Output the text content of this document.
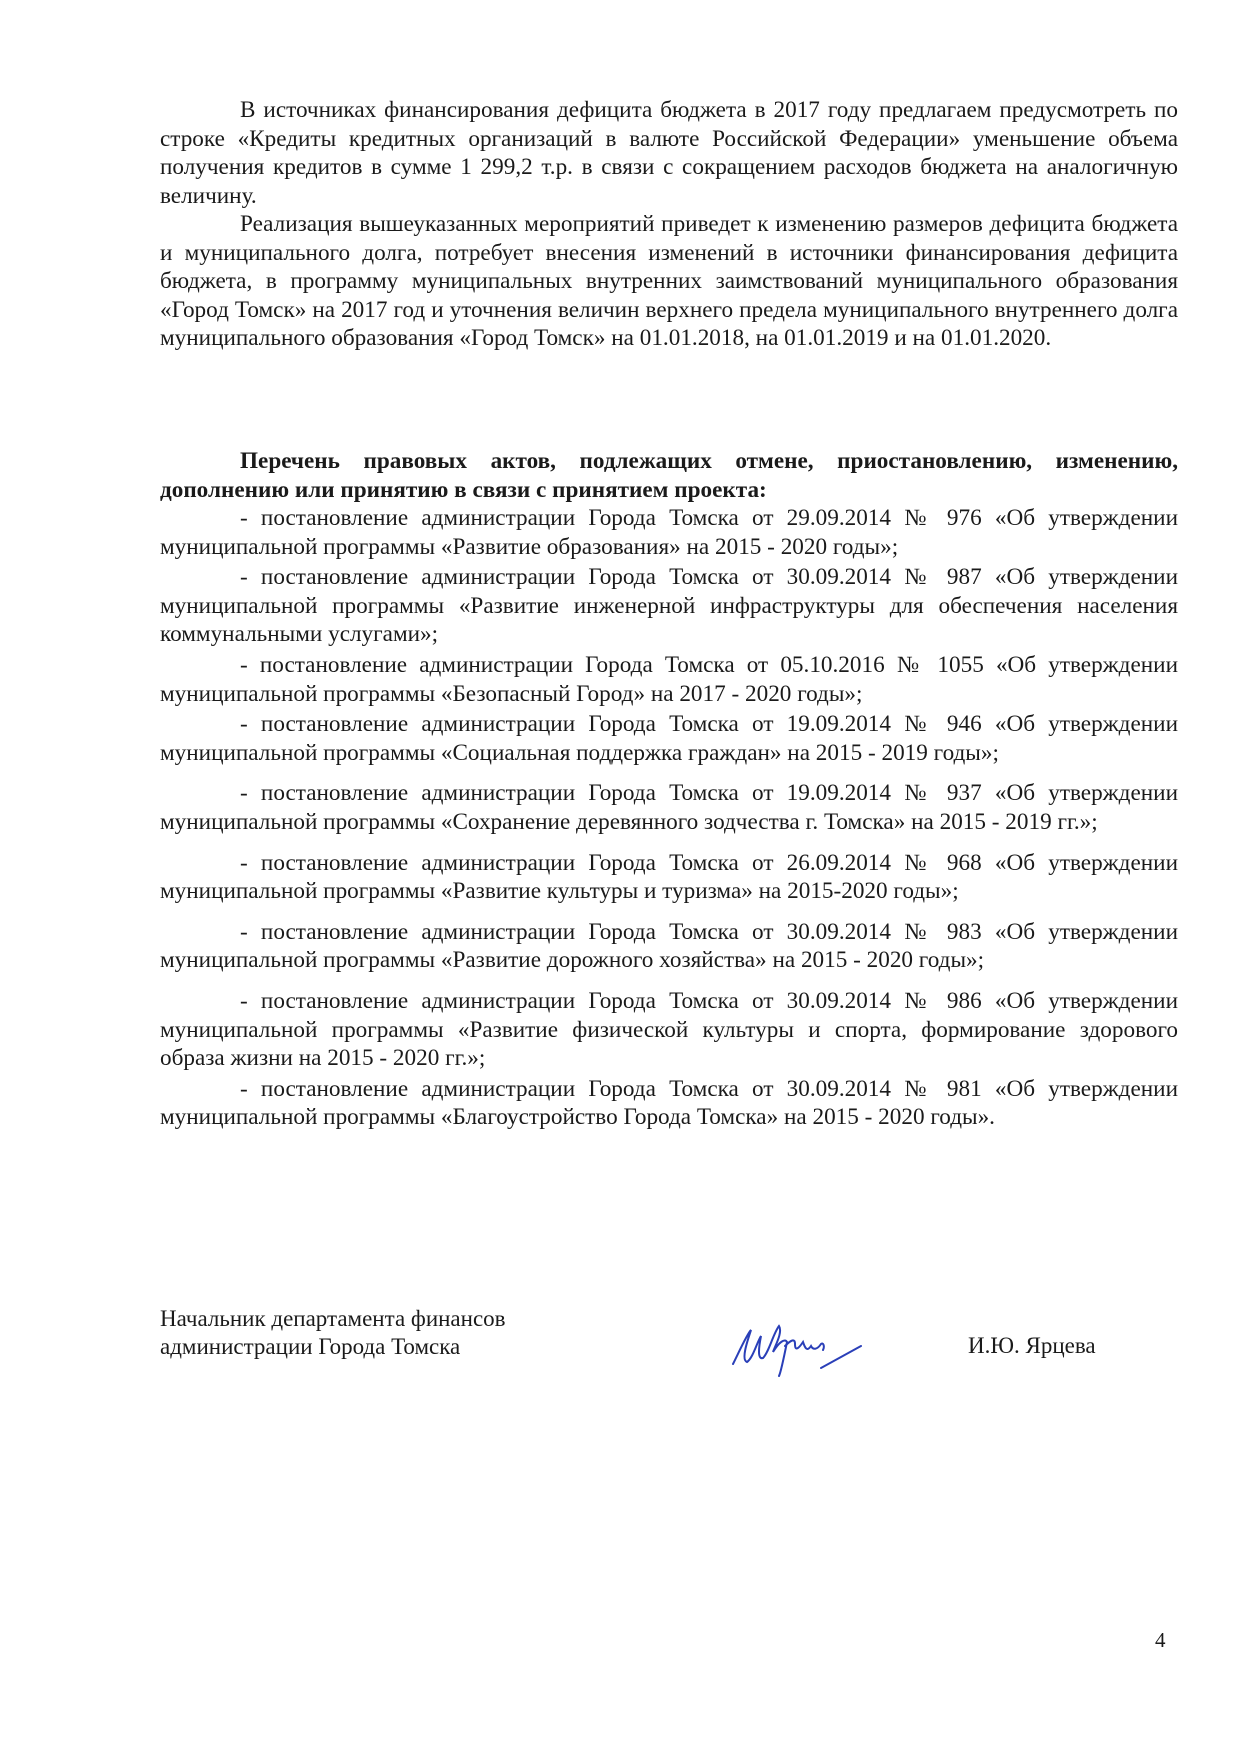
В источниках финансирования дефицита бюджета в 2017 году предлагаем предусмотреть по строке «Кредиты кредитных организаций в валюте Российской Федерации» уменьшение объема получения кредитов в сумме 1 299,2 т.р. в связи с сокращением расходов бюджета на аналогичную величину.

Реализация вышеуказанных мероприятий приведет к изменению размеров дефицита бюджета и муниципального долга, потребует внесения изменений в источники финансирования дефицита бюджета, в программу муниципальных внутренних заимствований муниципального образования «Город Томск» на 2017 год и уточнения величин верхнего предела муниципального внутреннего долга муниципального образования «Город Томск» на 01.01.2018, на 01.01.2019 и на 01.01.2020.

Перечень правовых актов, подлежащих отмене, приостановлению, изменению, дополнению или принятию в связи с принятием проекта:

- постановление администрации Города Томска от 29.09.2014 № 976 «Об утверждении муниципальной программы «Развитие образования» на 2015 - 2020 годы»;

- постановление администрации Города Томска от 30.09.2014 № 987 «Об утверждении муниципальной программы «Развитие инженерной инфраструктуры для обеспечения населения коммунальными услугами»;

- постановление администрации Города Томска от 05.10.2016 № 1055 «Об утверждении муниципальной программы «Безопасный Город» на 2017 - 2020 годы»;

- постановление администрации Города Томска от 19.09.2014 № 946 «Об утверждении муниципальной программы «Социальная поддержка граждан» на 2015 - 2019 годы»;

- постановление администрации Города Томска от 19.09.2014 № 937 «Об утверждении муниципальной программы «Сохранение деревянного зодчества г. Томска» на 2015 - 2019 гг.»;

- постановление администрации Города Томска от 26.09.2014 № 968 «Об утверждении муниципальной программы «Развитие культуры и туризма» на 2015-2020 годы»;

- постановление администрации Города Томска от 30.09.2014 № 983 «Об утверждении муниципальной программы «Развитие дорожного хозяйства» на 2015 - 2020 годы»;

- постановление администрации Города Томска от 30.09.2014 № 986 «Об утверждении муниципальной программы «Развитие физической культуры и спорта, формирование здорового образа жизни на 2015 - 2020 гг.»;

- постановление администрации Города Томска от 30.09.2014 № 981 «Об утверждении муниципальной программы «Благоустройство Города Томска» на 2015 - 2020 годы».

Начальник департамента финансов
администрации Города Томска	И.Ю. Ярцева
4
